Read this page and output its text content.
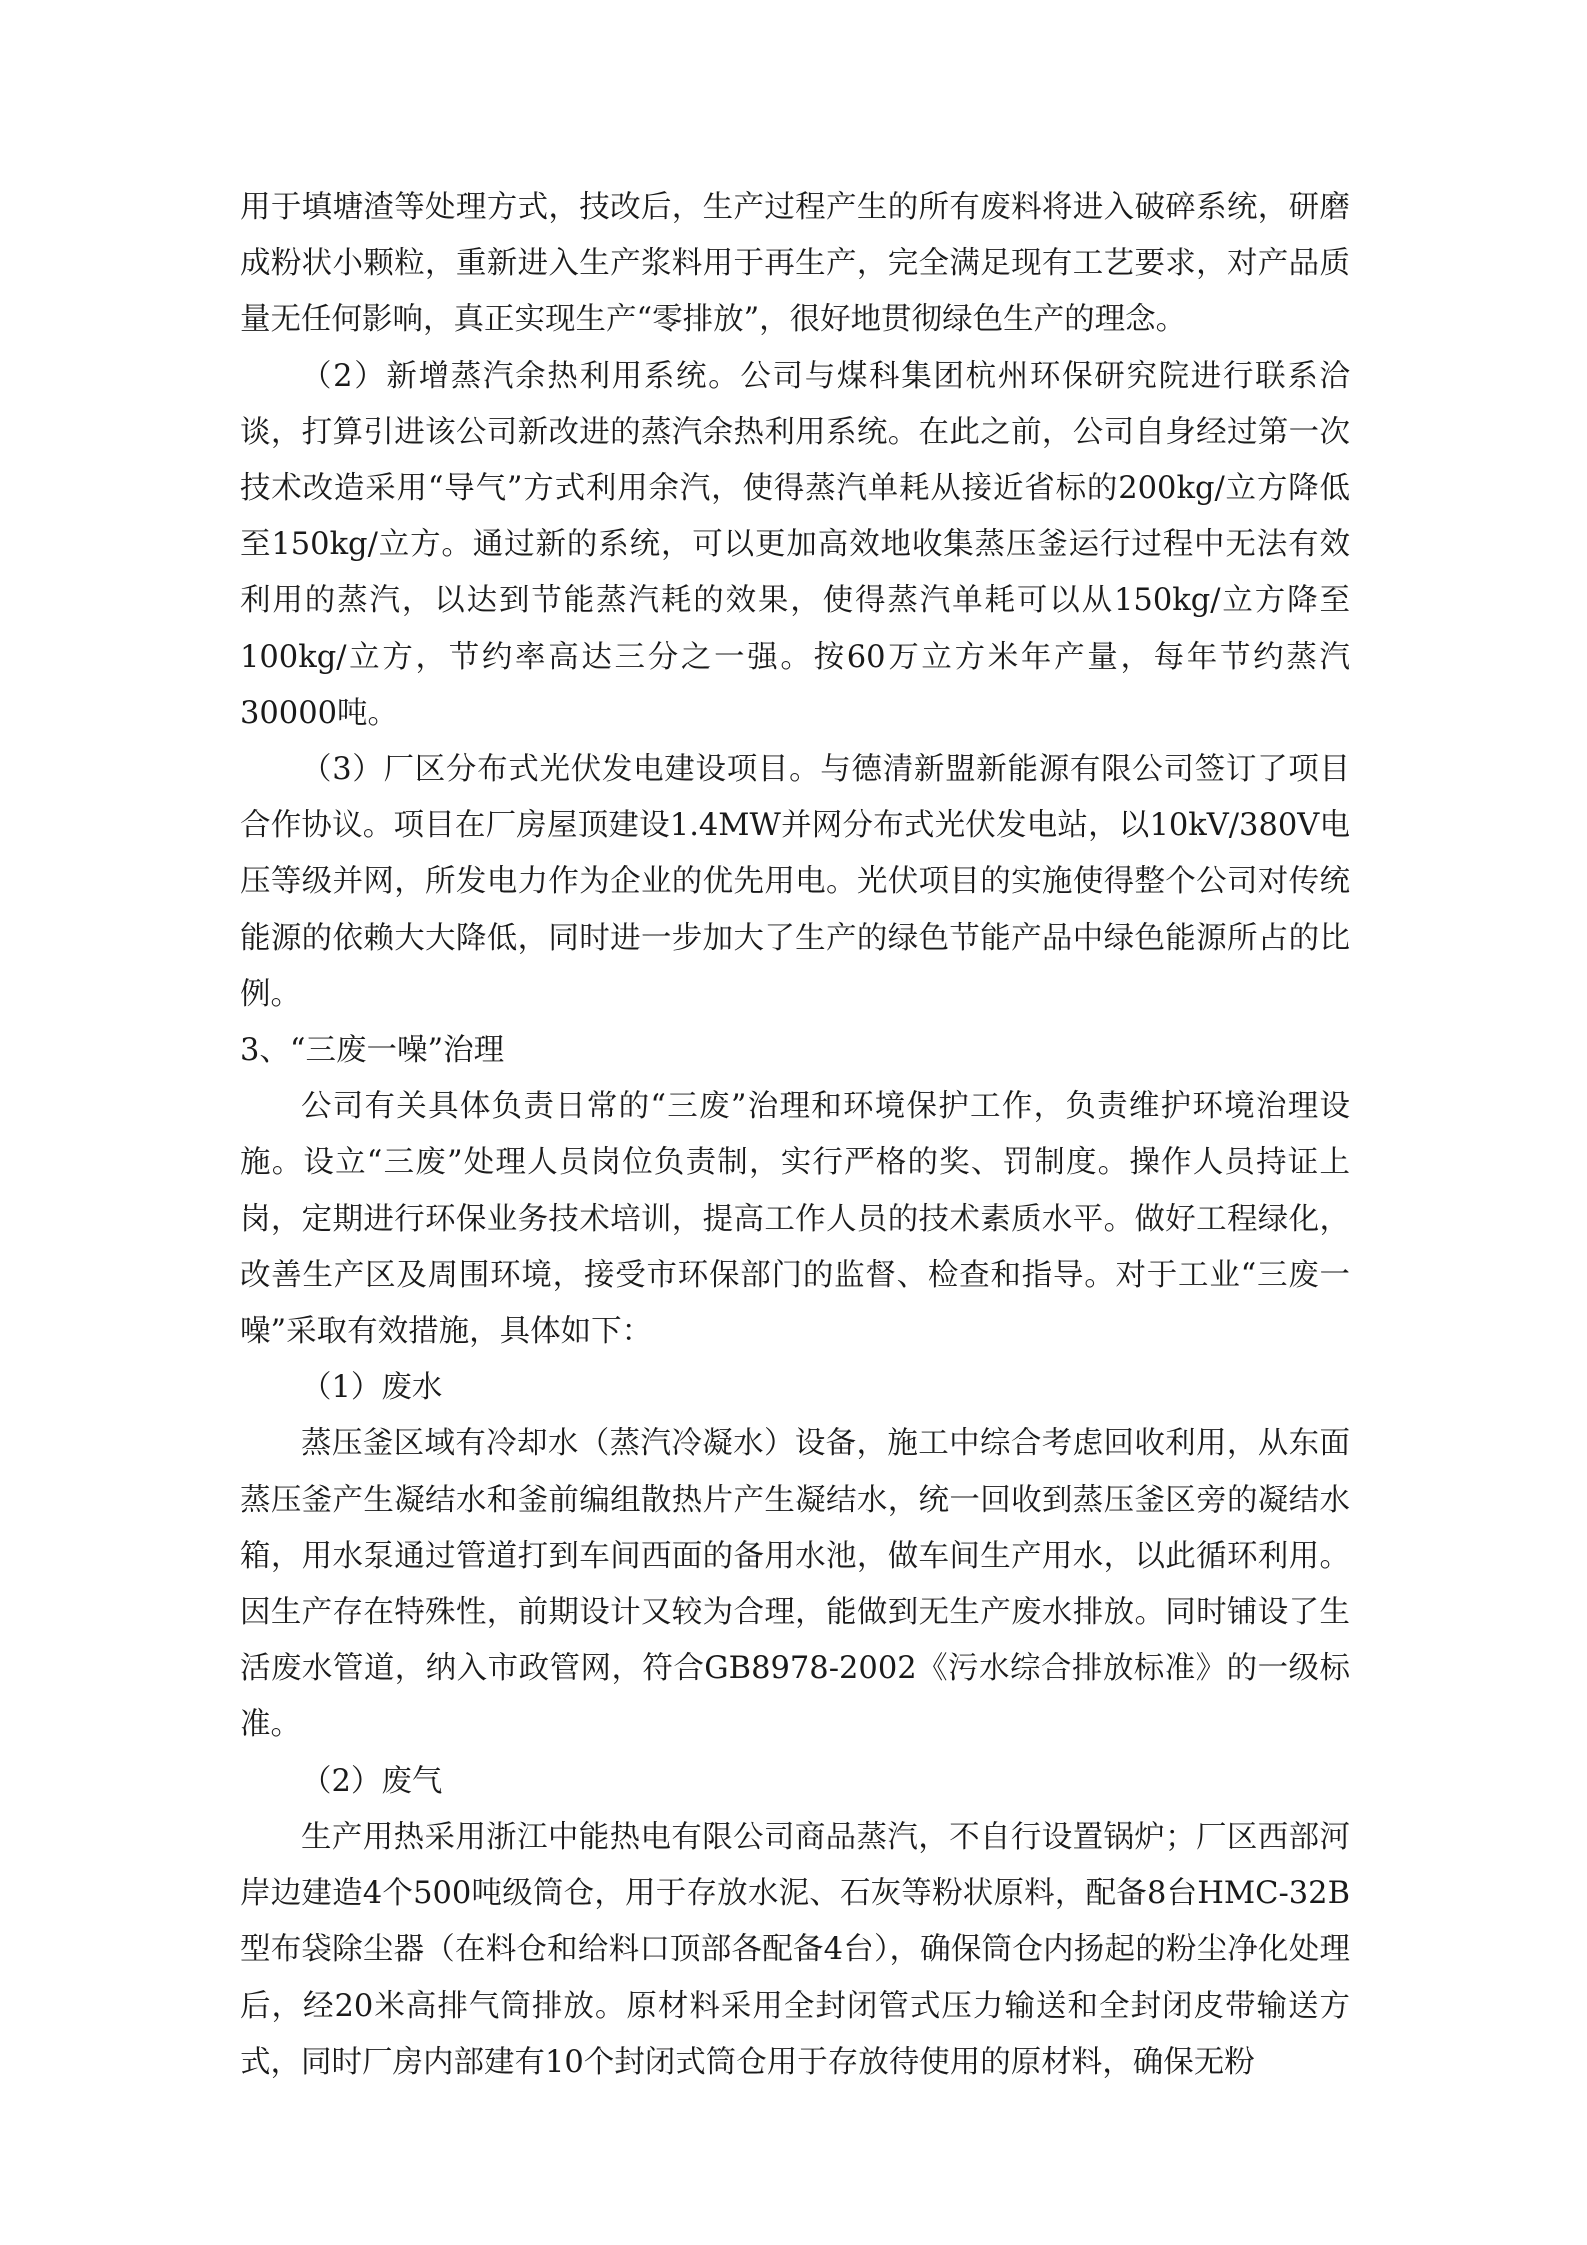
用于填塘渣等处理方式，技改后，生产过程产生的所有废料将进入破碎系统，研磨成粉状小颗粒，重新进入生产浆料用于再生产，完全满足现有工艺要求，对产品质量无任何影响，真正实现生产“零排放”，很好地贯彻绿色生产的理念。

（2）新增蒸汽余热利用系统。公司与煤科集团杭州环保研究院进行联系洽谈，打算引进该公司新改进的蒸汽余热利用系统。在此之前，公司自身经过第一次技术改造采用“导气”方式利用余汽，使得蒸汽单耗从接近省标的200kg/立方降低至150kg/立方。通过新的系统，可以更加高效地收集蒸压釜运行过程中无法有效利用的蒸汽，以达到节能蒸汽耗的效果，使得蒸汽单耗可以从150kg/立方降至100kg/立方，节约率高达三分之一强。按60万立方米年产量，每年节约蒸汽30000吨。

（3）厂区分布式光伏发电建设项目。与德清新盟新能源有限公司签订了项目合作协议。项目在厂房屋顶建设1.4MW并网分布式光伏发电站，以10kV/380V电压等级并网，所发电力作为企业的优先用电。光伏项目的实施使得整个公司对传统能源的依赖大大降低，同时进一步加大了生产的绿色节能产品中绿色能源所占的比例。

3、“三废一噪”治理

公司有关具体负责日常的“三废”治理和环境保护工作，负责维护环境治理设施。设立“三废”处理人员岗位负责制，实行严格的奖、罚制度。操作人员持证上岗，定期进行环保业务技术培训，提高工作人员的技术素质水平。做好工程绿化，改善生产区及周围环境，接受市环保部门的监督、检查和指导。对于工业“三废一噪”采取有效措施，具体如下：

（1）废水

蒸压釜区域有冷却水（蒸汽冷凝水）设备，施工中综合考虑回收利用，从东面蒸压釜产生凝结水和釜前编组散热片产生凝结水，统一回收到蒸压釜区旁的凝结水箱，用水泵通过管道打到车间西面的备用水池，做车间生产用水，以此循环利用。因生产存在特殊性，前期设计又较为合理，能做到无生产废水排放。同时铺设了生活废水管道，纳入市政管网，符合GB8978-2002《污水综合排放标准》的一级标准。

（2）废气

生产用热采用浙江中能热电有限公司商品蒸汽，不自行设置锅炉；厂区西部河岸边建造4个500吨级筒仓，用于存放水泥、石灰等粉状原料，配备8台HMC-32B型布袋除尘器（在料仓和给料口顶部各配备4台），确保筒仓内扬起的粉尘净化处理后，经20米高排气筒排放。原材料采用全封闭管式压力输送和全封闭皮带输送方式，同时厂房内部建有10个封闭式筒仓用于存放待使用的原材料，确保无粉
